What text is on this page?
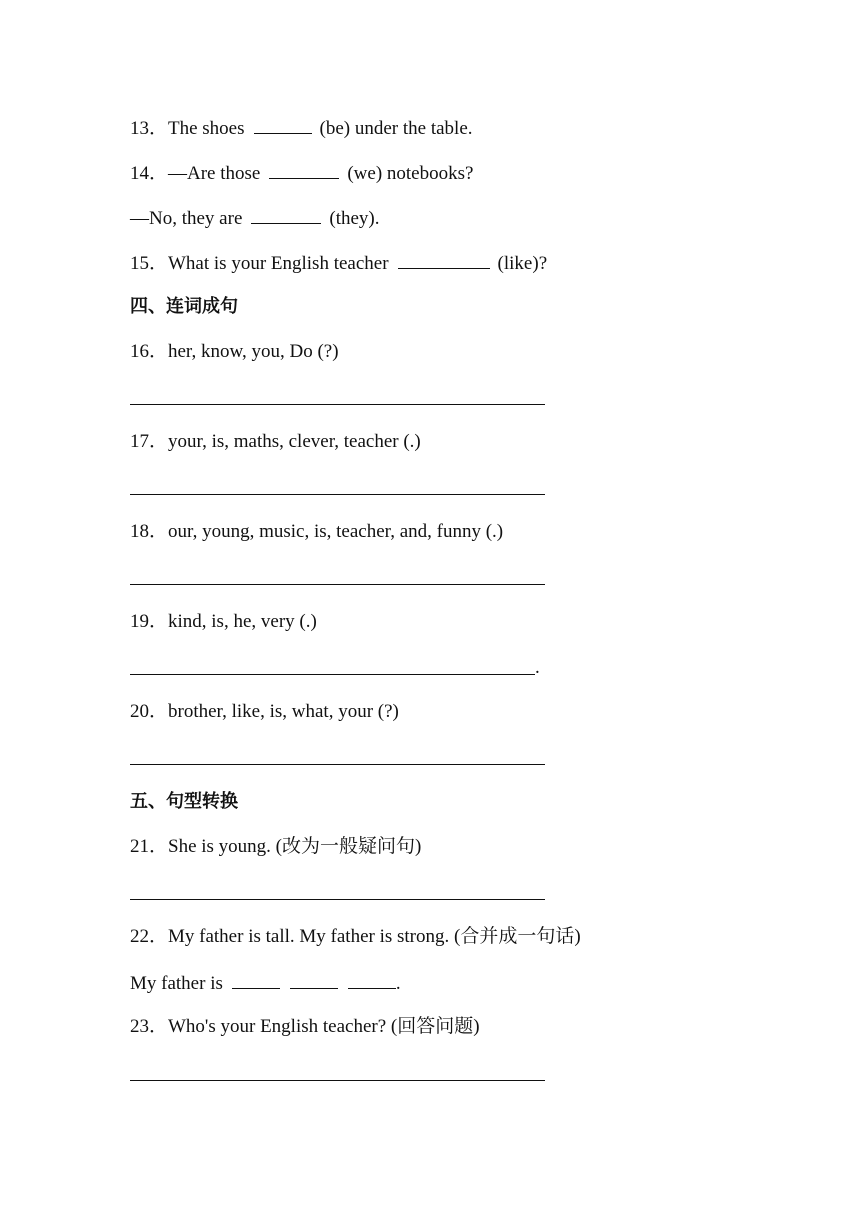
13．The shoes	(be) under the table.
14．—Are those	(we) notebooks?
—No, they are	(they).
15．What is your English teacher	(like)?
四、连词成句
16．her, know, you, Do (?)
17．your, is, maths, clever, teacher (.)
18．our, young, music, is, teacher, and, funny (.)
19．kind, is, he, very (.)
.
20．brother, like, is, what, your (?)
五、句型转换
21．She is young. (改为一般疑问句)
22．My father is tall. My father is strong. (合并成一句话)
My father is	.
23．Who's your English teacher? (回答问题)
